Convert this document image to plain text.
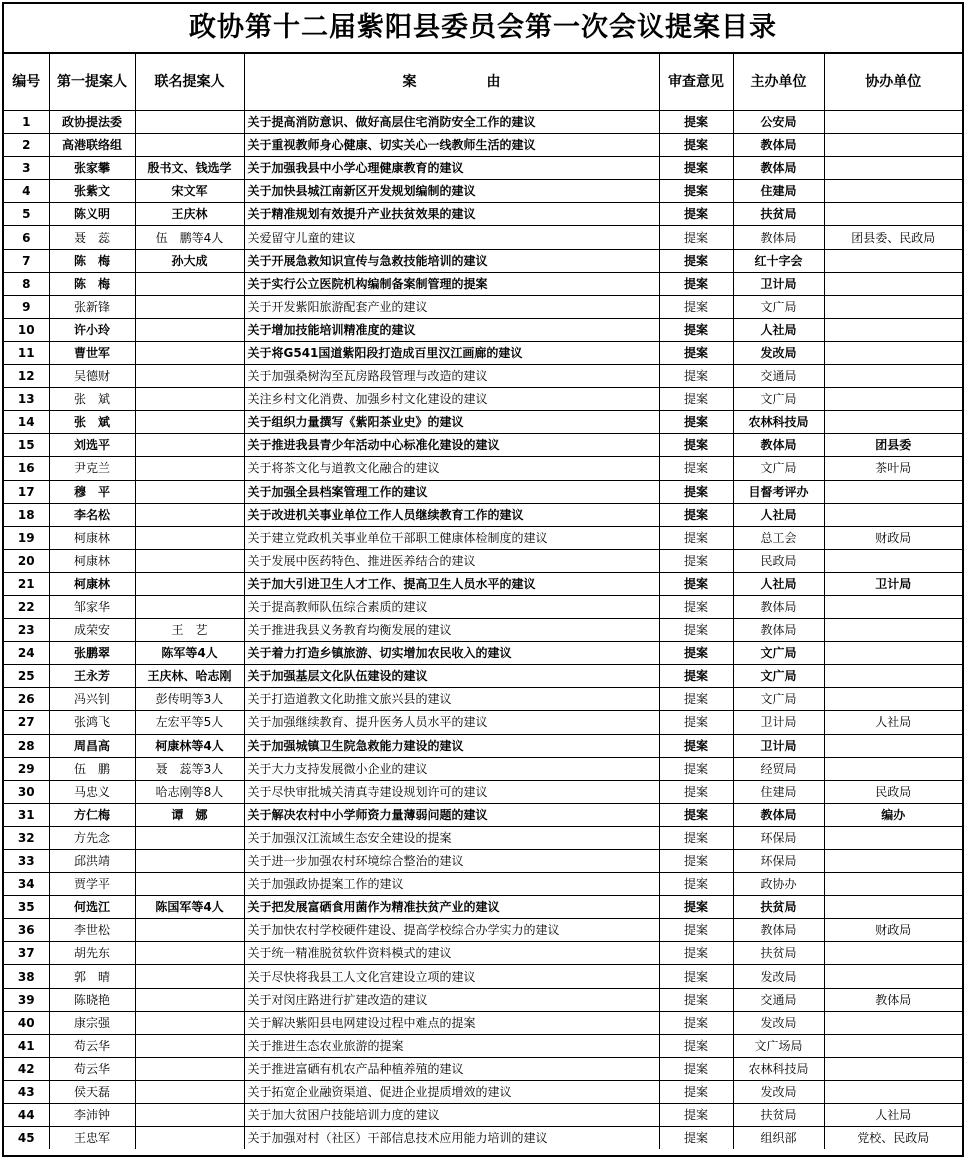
政协第十二届紫阳县委员会第一次会议提案目录
编号	第一提案人	联名提案人	案　　　　　由	审查意见	主办单位	协办单位
1	政协提法委		关于提高消防意识、做好高层住宅消防安全工作的建议	提案	公安局	
2	高港联络组		关于重视教师身心健康、切实关心一线教师生活的建议	提案	教体局	
3	张家攀	殷书文、钱选学	关于加强我县中小学心理健康教育的建议	提案	教体局	
4	张紫文	宋文军	关于加快县城江南新区开发规划编制的建议	提案	住建局	
5	陈义明	王庆林	关于精准规划有效提升产业扶贫效果的建议	提案	扶贫局	
6	聂　蕊	伍　鹏等4人	关爱留守儿童的建议	提案	教体局	团县委、民政局
7	陈　梅	孙大成	关于开展急救知识宣传与急救技能培训的建议	提案	红十字会	
8	陈　梅		关于实行公立医院机构编制备案制管理的提案	提案	卫计局	
9	张新锋		关于开发紫阳旅游配套产业的建议	提案	文广局	
10	许小玲		关于增加技能培训精准度的建议	提案	人社局	
11	曹世军		关于将G541国道紫阳段打造成百里汉江画廊的建议	提案	发改局	
12	吴德财		关于加强桑树沟至瓦房路段管理与改造的建议	提案	交通局	
13	张　斌		关注乡村文化消费、加强乡村文化建设的建议	提案	文广局	
14	张　斌		关于组织力量撰写《紫阳茶业史》的建议	提案	农林科技局	
15	刘选平		关于推进我县青少年活动中心标准化建设的建议	提案	教体局	团县委
16	尹克兰		关于将茶文化与道教文化融合的建议	提案	文广局	茶叶局
17	穆　平		关于加强全县档案管理工作的建议	提案	目督考评办	
18	李名松		关于改进机关事业单位工作人员继续教育工作的建议	提案	人社局	
19	柯康林		关于建立党政机关事业单位干部职工健康体检制度的建议	提案	总工会	财政局
20	柯康林		关于发展中医药特色、推进医养结合的建议	提案	民政局	
21	柯康林		关于加大引进卫生人才工作、提高卫生人员水平的建议	提案	人社局	卫计局
22	邹家华		关于提高教师队伍综合素质的建议	提案	教体局	
23	成荣安	王　艺	关于推进我县义务教育均衡发展的建议	提案	教体局	
24	张鹏翠	陈军等4人	关于着力打造乡镇旅游、切实增加农民收入的建议	提案	文广局	
25	王永芳	王庆林、哈志刚	关于加强基层文化队伍建设的建议	提案	文广局	
26	冯兴钊	彭传明等3人	关于打造道教文化助推文旅兴县的建议	提案	文广局	
27	张鸿飞	左宏平等5人	关于加强继续教育、提升医务人员水平的建议	提案	卫计局	人社局
28	周昌高	柯康林等4人	关于加强城镇卫生院急救能力建设的建议	提案	卫计局	
29	伍　鹏	聂　蕊等3人	关于大力支持发展微小企业的建议	提案	经贸局	
30	马忠义	哈志刚等8人	关于尽快审批城关清真寺建设规划许可的建议	提案	住建局	民政局
31	方仁梅	谭　娜	关于解决农村中小学师资力量薄弱问题的建议	提案	教体局	编办
32	方先念		关于加强汉江流域生态安全建设的提案	提案	环保局	
33	邱洪靖		关于进一步加强农村环境综合整治的建议	提案	环保局	
34	贾学平		关于加强政协提案工作的建议	提案	政协办	
35	何选江	陈国军等4人	关于把发展富硒食用菌作为精准扶贫产业的建议	提案	扶贫局	
36	李世松		关于加快农村学校硬件建设、提高学校综合办学实力的建议	提案	教体局	财政局
37	胡先东		关于统一精准脱贫软件资料模式的建议	提案	扶贫局	
38	郭　晴		关于尽快将我县工人文化宫建设立项的建议	提案	发改局	
39	陈晓艳		关于对闵庄路进行扩建改造的建议	提案	交通局	教体局
40	康宗强		关于解决紫阳县电网建设过程中难点的提案	提案	发改局	
41	苟云华		关于推进生态农业旅游的提案	提案	文广场局	
42	苟云华		关于推进富硒有机农产品种植养殖的建议	提案	农林科技局	
43	侯天磊		关于拓宽企业融资渠道、促进企业提质增效的建议	提案	发改局	
44	李沛钟		关于加大贫困户技能培训力度的建议	提案	扶贫局	人社局
45	王忠军		关于加强对村（社区）干部信息技术应用能力培训的建议	提案	组织部	党校、民政局
